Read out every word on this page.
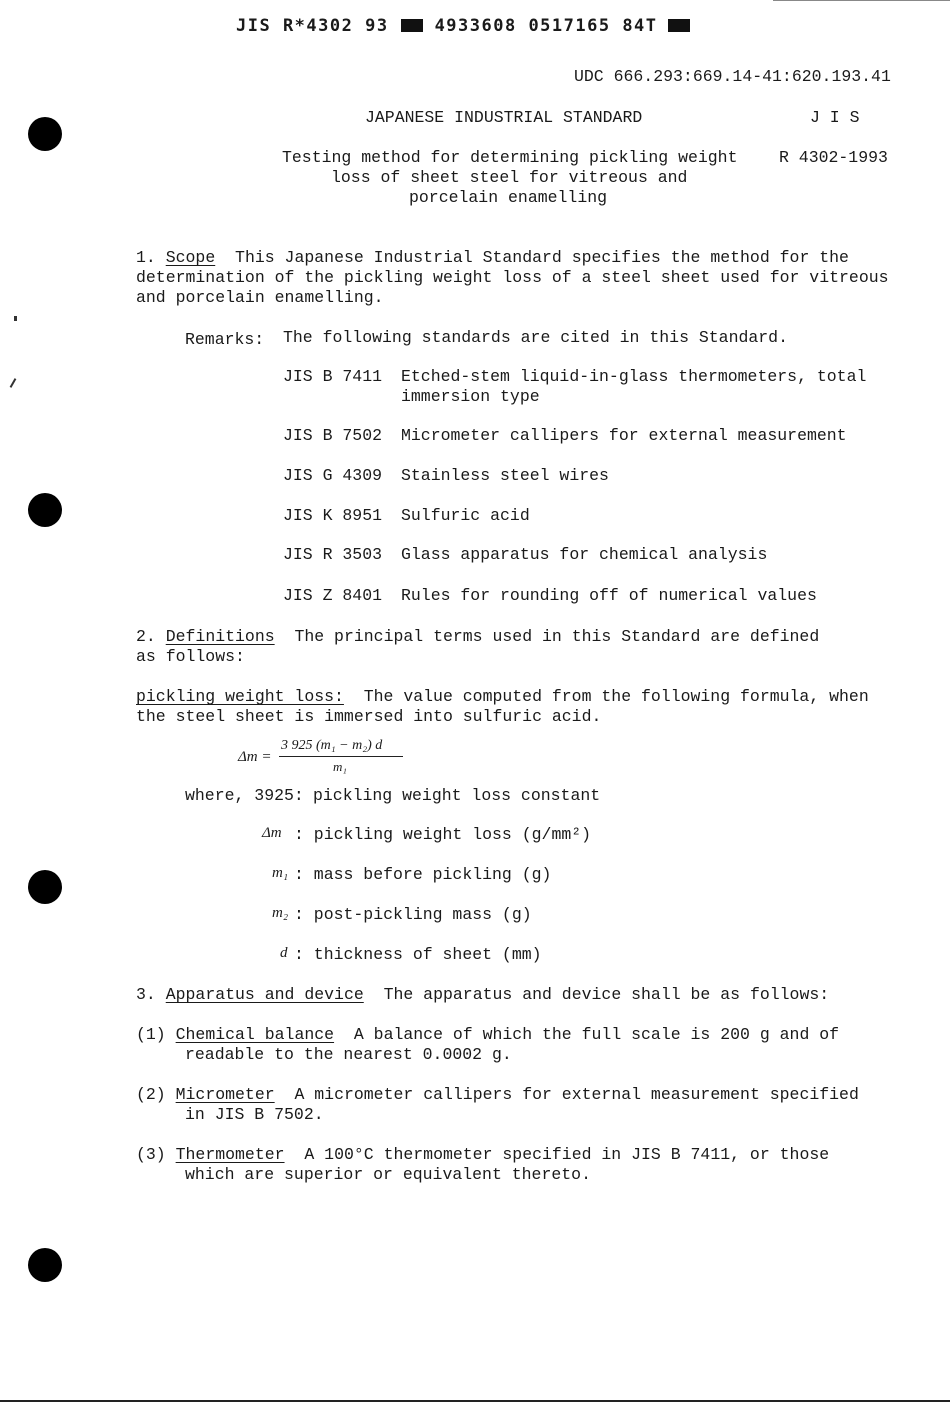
JIS R*4302 93	4933608 0517165 84T
UDC 666.293:669.14-41:620.193.41
JAPANESE INDUSTRIAL STANDARD	J I S
Testing method for determining pickling weight	R 4302-1993
loss of sheet steel for vitreous and
porcelain enamelling
1. Scope This Japanese Industrial Standard specifies the method for the
determination of the pickling weight loss of a steel sheet used for vitreous
and porcelain enamelling.
Remarks: The following standards are cited in this Standard.
JIS B 7411 Etched-stem liquid-in-glass thermometers, total
immersion type
JIS B 7502 Micrometer callipers for external measurement
JIS G 4309 Stainless steel wires
JIS K 8951 Sulfuric acid
JIS R 3503 Glass apparatus for chemical analysis
JIS Z 8401 Rules for rounding off of numerical values
2. Definitions The principal terms used in this Standard are defined
as follows:
pickling weight loss: The value computed from the following formula, when
the steel sheet is immersed into sulfuric acid.
Δm =
3 925 (m₁ − m₂) d
m₁
where, 3925: pickling weight loss constant
Δm : pickling weight loss (g/mm²)
m₁ : mass before pickling (g)
m₂ : post-pickling mass (g)
d : thickness of sheet (mm)
3. Apparatus and device The apparatus and device shall be as follows:
(1) Chemical balance A balance of which the full scale is 200 g and of
readable to the nearest 0.0002 g.
(2) Micrometer A micrometer callipers for external measurement specified
in JIS B 7502.
(3) Thermometer A 100°C thermometer specified in JIS B 7411, or those
which are superior or equivalent thereto.
